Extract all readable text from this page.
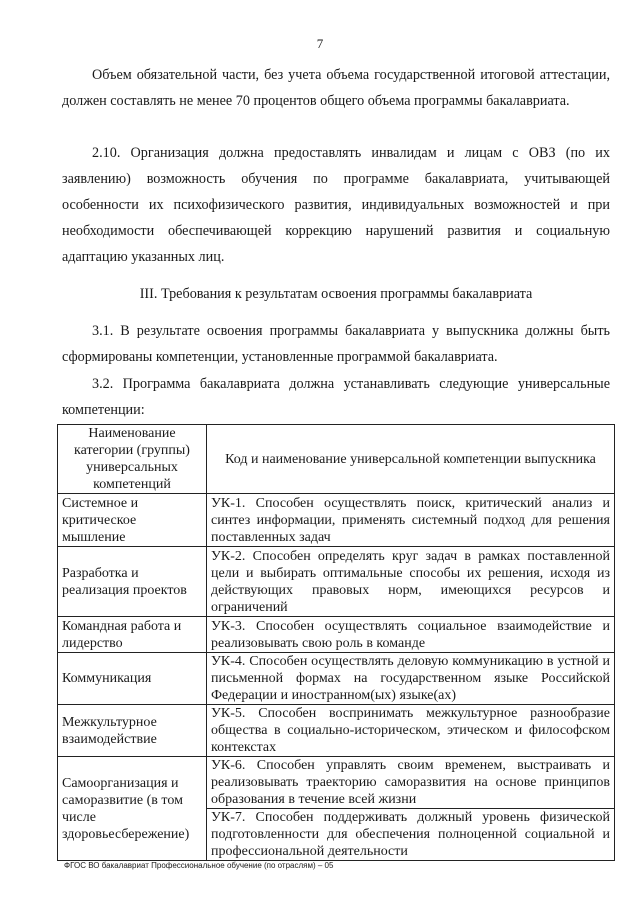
7

Объем обязательной части, без учета объема государственной итоговой аттестации, должен составлять не менее 70 процентов общего объема программы бакалавриата.

2.10. Организация должна предоставлять инвалидам и лицам с ОВЗ (по их заявлению) возможность обучения по программе бакалавриата, учитывающей особенности их психофизического развития, индивидуальных возможностей и при необходимости обеспечивающей коррекцию нарушений развития и социальную адаптацию указанных лиц.

III. Требования к результатам освоения программы бакалавриата

3.1. В результате освоения программы бакалавриата у выпускника должны быть сформированы компетенции, установленные программой бакалавриата.

3.2. Программа бакалавриата должна устанавливать следующие универсальные компетенции:

Наименование категории (группы) универсальных компетенций	Код и наименование универсальной компетенции выпускника
Системное и критическое мышление	УК-1. Способен осуществлять поиск, критический анализ и синтез информации, применять системный подход для решения поставленных задач
Разработка и реализация проектов	УК-2. Способен определять круг задач в рамках поставленной цели и выбирать оптимальные способы их решения, исходя из действующих правовых норм, имеющихся ресурсов и ограничений
Командная работа и лидерство	УК-3. Способен осуществлять социальное взаимодействие и реализовывать свою роль в команде
Коммуникация	УК-4. Способен осуществлять деловую коммуникацию в устной и письменной формах на государственном языке Российской Федерации и иностранном(ых) языке(ах)
Межкультурное взаимодействие	УК-5. Способен воспринимать межкультурное разнообразие общества в социально-историческом, этическом и философском контекстах
Самоорганизация и саморазвитие (в том числе здоровьесбережение)	УК-6. Способен управлять своим временем, выстраивать и реализовывать траекторию саморазвития на основе принципов образования в течение всей жизни
	УК-7. Способен поддерживать должный уровень физической подготовленности для обеспечения полноценной социальной и профессиональной деятельности
ФГОС ВО бакалавриат Профессиональное обучение (по отраслям) – 05
